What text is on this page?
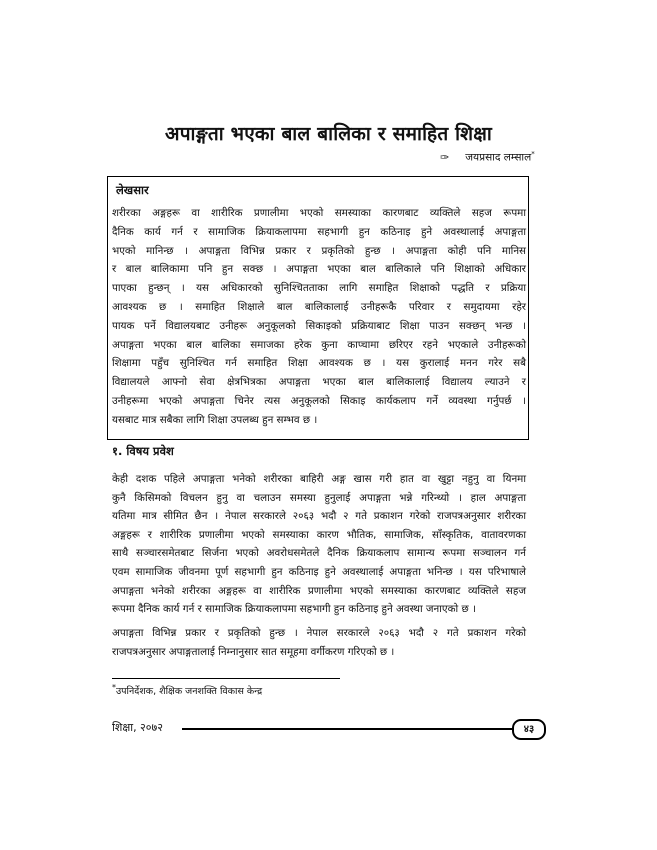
अपाङ्गता भएका बाल बालिका र समाहित शिक्षा
✑ जयप्रसाद लम्साल*
लेखसार
शरीरका अङ्गहरू वा शारीरिक प्रणालीमा भएको समस्याका कारणबाट व्यक्तिले सहज रूपमा
दैनिक कार्य गर्न र सामाजिक क्रियाकलापमा सहभागी हुन कठिनाइ हुने अवस्थालाई अपाङ्गता
भएको मानिन्छ । अपाङ्गता विभिन्न प्रकार र प्रकृतिको हुन्छ । अपाङ्गता कोही पनि मानिस
र बाल बालिकामा पनि हुन सक्छ । अपाङ्गता भएका बाल बालिकाले पनि शिक्षाको अधिकार
पाएका हुन्छन् । यस अधिकारको सुनिश्चितताका लागि समाहित शिक्षाको पद्धति र प्रक्रिया
आवश्यक छ । समाहित शिक्षाले बाल बालिकालाई उनीहरूकै परिवार र समुदायमा रहेर
पायक पर्ने विद्यालयबाट उनीहरू अनुकूलको सिकाइको प्रक्रियाबाट शिक्षा पाउन सक्छन् भन्छ ।
अपाङ्गता भएका बाल बालिका समाजका हरेक कुना काप्चामा छरिएर रहने भएकाले उनीहरूको
शिक्षामा पहुँच सुनिश्चित गर्न समाहित शिक्षा आवश्यक छ । यस कुरालाई मनन गरेर सबै
विद्यालयले आफ्नो सेवा क्षेत्रभित्रका अपाङ्गता भएका बाल बालिकालाई विद्यालय ल्याउने र
उनीहरूमा भएको अपाङ्गता चिनेर त्यस अनुकूलको सिकाइ कार्यकलाप गर्ने व्यवस्था गर्नुपर्छ ।
यसबाट मात्र सबैका लागि शिक्षा उपलब्ध हुन सम्भव छ ।
१. विषय प्रवेश
केही दशक पहिले अपाङ्गता भनेको शरीरका बाहिरी अङ्ग खास गरी हात वा खुट्टा नहुनु वा यिनमा
कुनै किसिमको विचलन हुनु वा चलाउन समस्या हुनुलाई अपाङ्गता भन्ने गरिन्थ्यो । हाल अपाङ्गता
यतिमा मात्र सीमित छैन । नेपाल सरकारले २०६३ भदौ २ गते प्रकाशन गरेको राजपत्रअनुसार शरीरका
अङ्गहरू र शारीरिक प्रणालीमा भएको समस्याका कारण भौतिक, सामाजिक, साँस्कृतिक, वातावरणका
साथै सञ्चारसमेतबाट सिर्जना भएको अवरोधसमेतले दैनिक क्रियाकलाप सामान्य रूपमा सञ्चालन गर्न
एवम सामाजिक जीवनमा पूर्ण सहभागी हुन कठिनाइ हुने अवस्थालाई अपाङ्गता भनिन्छ । यस परिभाषाले
अपाङ्गता भनेको शरीरका अङ्गहरू वा शारीरिक प्रणालीमा भएको समस्याका कारणबाट व्यक्तिले सहज
रूपमा दैनिक कार्य गर्न र सामाजिक क्रियाकलापमा सहभागी हुन कठिनाइ हुने अवस्था जनाएको छ ।
अपाङ्गता विभिन्न प्रकार र प्रकृतिको हुन्छ । नेपाल सरकारले २०६३ भदौ २ गते प्रकाशन गरेको
राजपत्रअनुसार अपाङ्गतालाई निम्नानुसार सात समूहमा वर्गीकरण गरिएको छ ।
*उपनिर्देशक, शैक्षिक जनशक्ति विकास केन्द्र
शिक्षा, २०७२	४३
